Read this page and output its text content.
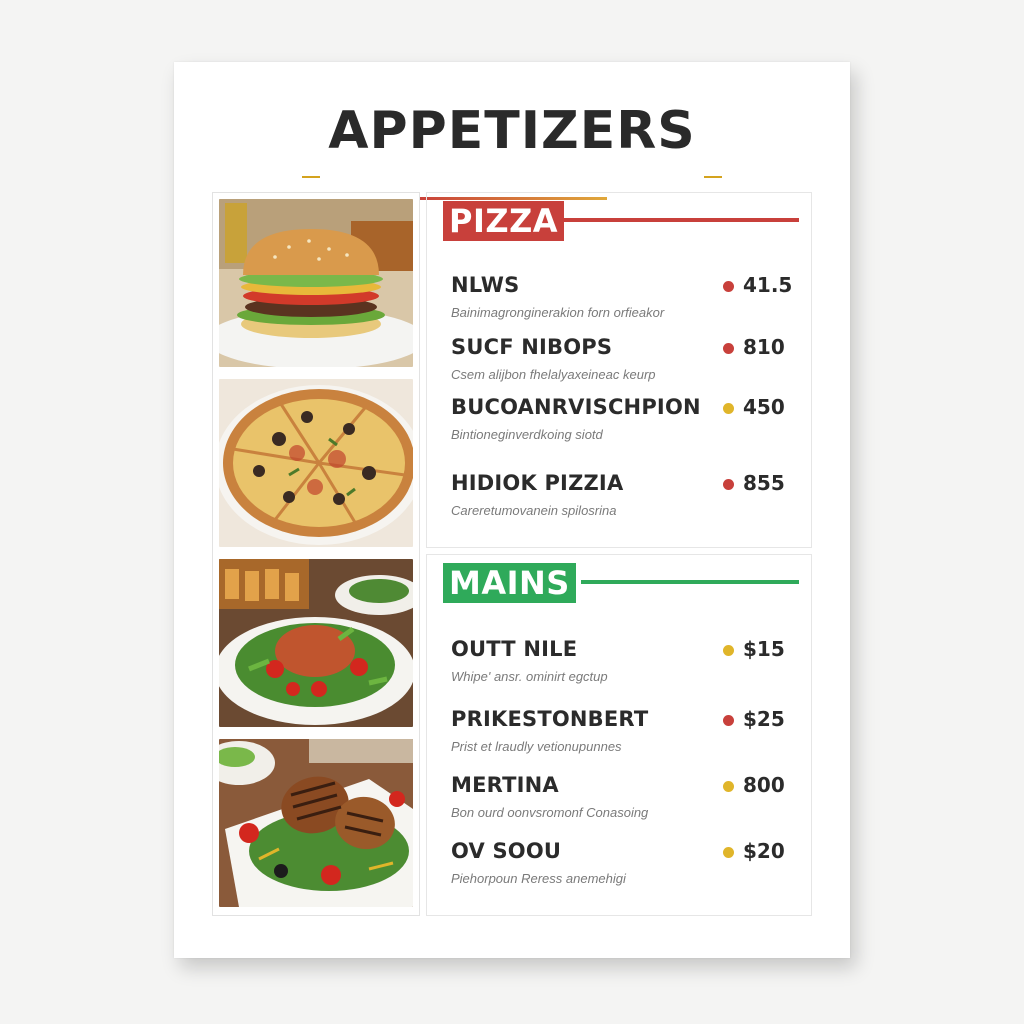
APPETIZERS
PIZZA
NLWS
Bainimagronginerakion forn orfieakor
41.5
SUCF NIBOPS
Csem alijbon fhelalyaxeineac keurp
810
BUCOANRVISCHPION
Bintioneginverdkoing siotd
450
HIDIOK PIZZIA
Careretumovanein spilosrina
855
MAINS
OUTT NILE
Whipe' ansr. ominirt egctup
$15
PRIKESTONBERT
Prist et lraudly vetionupunnes
$25
MERTINA
Bon ourd oonvsromonf Conasoing
800
OV SOOU
Piehorpoun Reress anemehigi
$20
